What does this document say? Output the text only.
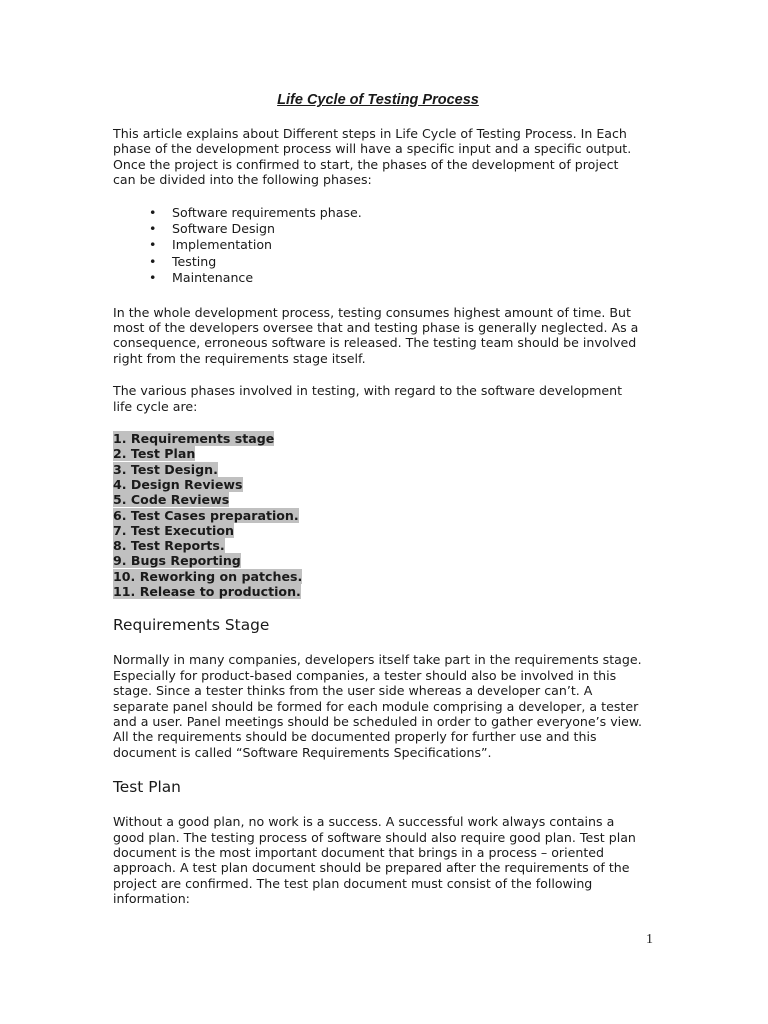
Life Cycle of Testing Process

This article explains about Different steps in Life Cycle of Testing Process. In Each phase of the development process will have a specific input and a specific output. Once the project is confirmed to start, the phases of the development of project can be divided into the following phases:

• Software requirements phase.
• Software Design
• Implementation
• Testing
• Maintenance

In the whole development process, testing consumes highest amount of time. But most of the developers oversee that and testing phase is generally neglected. As a consequence, erroneous software is released. The testing team should be involved right from the requirements stage itself.

The various phases involved in testing, with regard to the software development life cycle are:

1. Requirements stage
2. Test Plan
3. Test Design.
4. Design Reviews
5. Code Reviews
6. Test Cases preparation.
7. Test Execution
8. Test Reports.
9. Bugs Reporting
10. Reworking on patches.
11. Release to production.
Requirements Stage

Normally in many companies, developers itself take part in the requirements stage. Especially for product-based companies, a tester should also be involved in this stage. Since a tester thinks from the user side whereas a developer can’t. A separate panel should be formed for each module comprising a developer, a tester and a user. Panel meetings should be scheduled in order to gather everyone’s view. All the requirements should be documented properly for further use and this document is called “Software Requirements Specifications”.

Test Plan

Without a good plan, no work is a success. A successful work always contains a good plan. The testing process of software should also require good plan. Test plan document is the most important document that brings in a process – oriented approach. A test plan document should be prepared after the requirements of the project are confirmed. The test plan document must consist of the following information:

1
